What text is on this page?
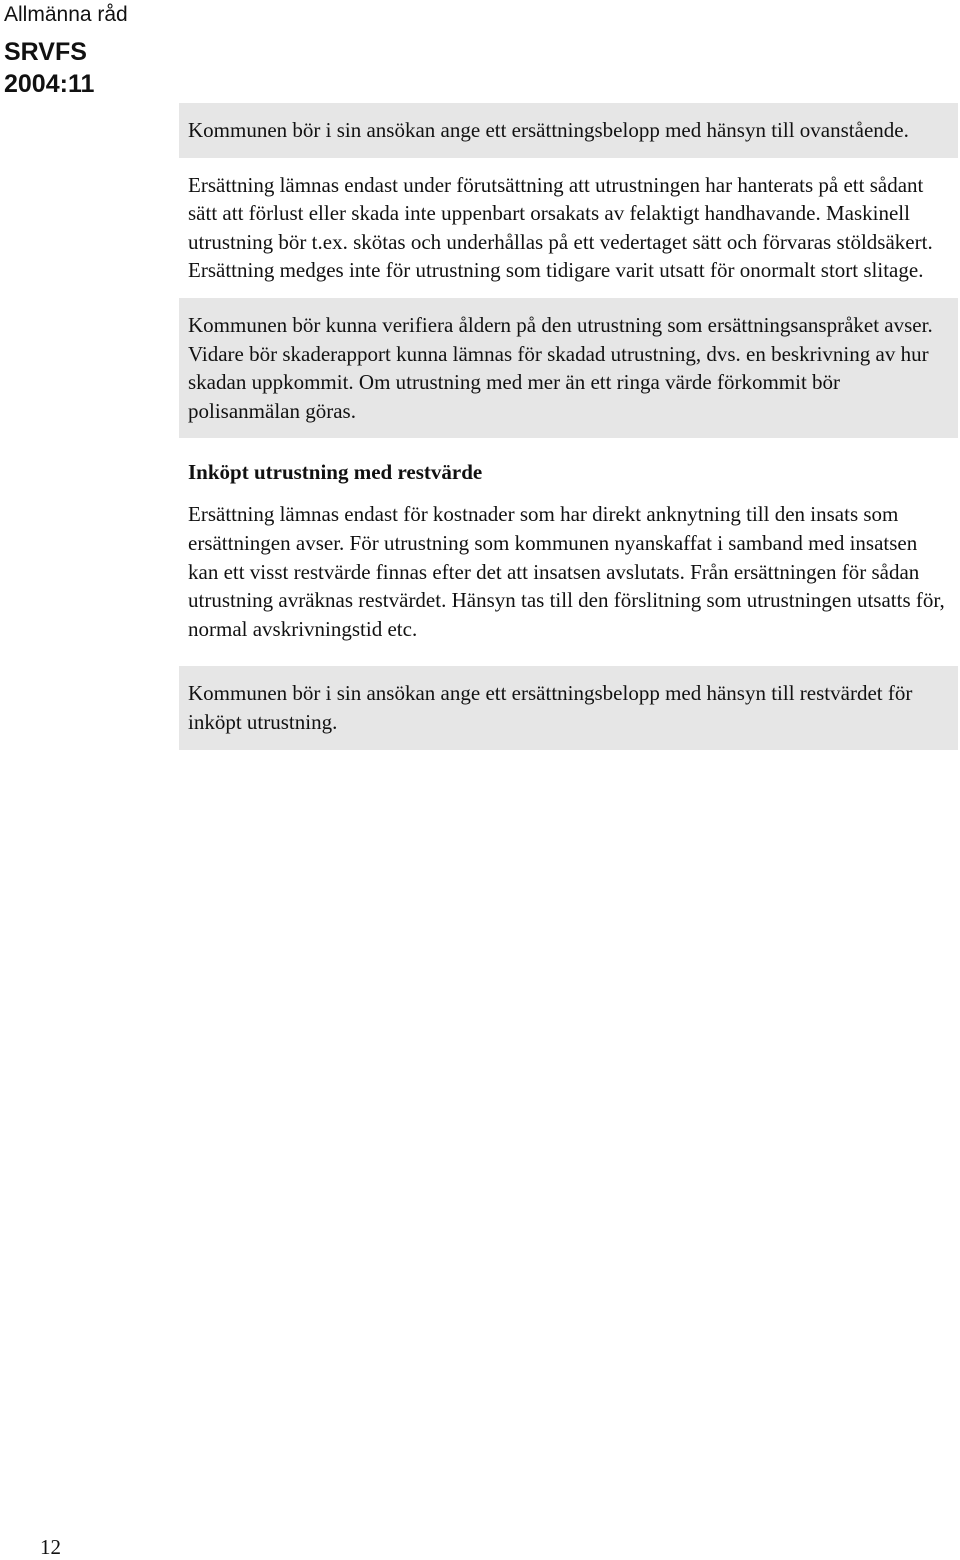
Allmänna råd
SRVFS
2004:11
Kommunen bör i sin ansökan ange ett ersättningsbelopp med hänsyn till ovanstående.
Ersättning lämnas endast under förutsättning att utrustningen har hanterats på ett sådant sätt att förlust eller skada inte uppenbart orsakats av felaktigt handhavande. Maskinell utrustning bör t.ex. skötas och underhållas på ett vedertaget sätt och förvaras stöldsäkert. Ersättning medges inte för utrustning som tidigare varit utsatt för onormalt stort slitage.
Kommunen bör kunna verifiera åldern på den utrustning som ersättningsanspråket avser. Vidare bör skaderapport kunna lämnas för skadad utrustning, dvs. en beskrivning av hur skadan uppkommit. Om utrustning med mer än ett ringa värde förkommit bör polisanmälan göras.
Inköpt utrustning med restvärde
Ersättning lämnas endast för kostnader som har direkt anknytning till den insats som ersättningen avser. För utrustning som kommunen nyanskaffat i samband med insatsen kan ett visst restvärde finnas efter det att insatsen avslutats. Från ersättningen för sådan utrustning avräknas restvärdet. Hänsyn tas till den förslitning som utrustningen utsatts för, normal avskrivningstid etc.
Kommunen bör i sin ansökan ange ett ersättningsbelopp med hänsyn till restvärdet för inköpt utrustning.
12
